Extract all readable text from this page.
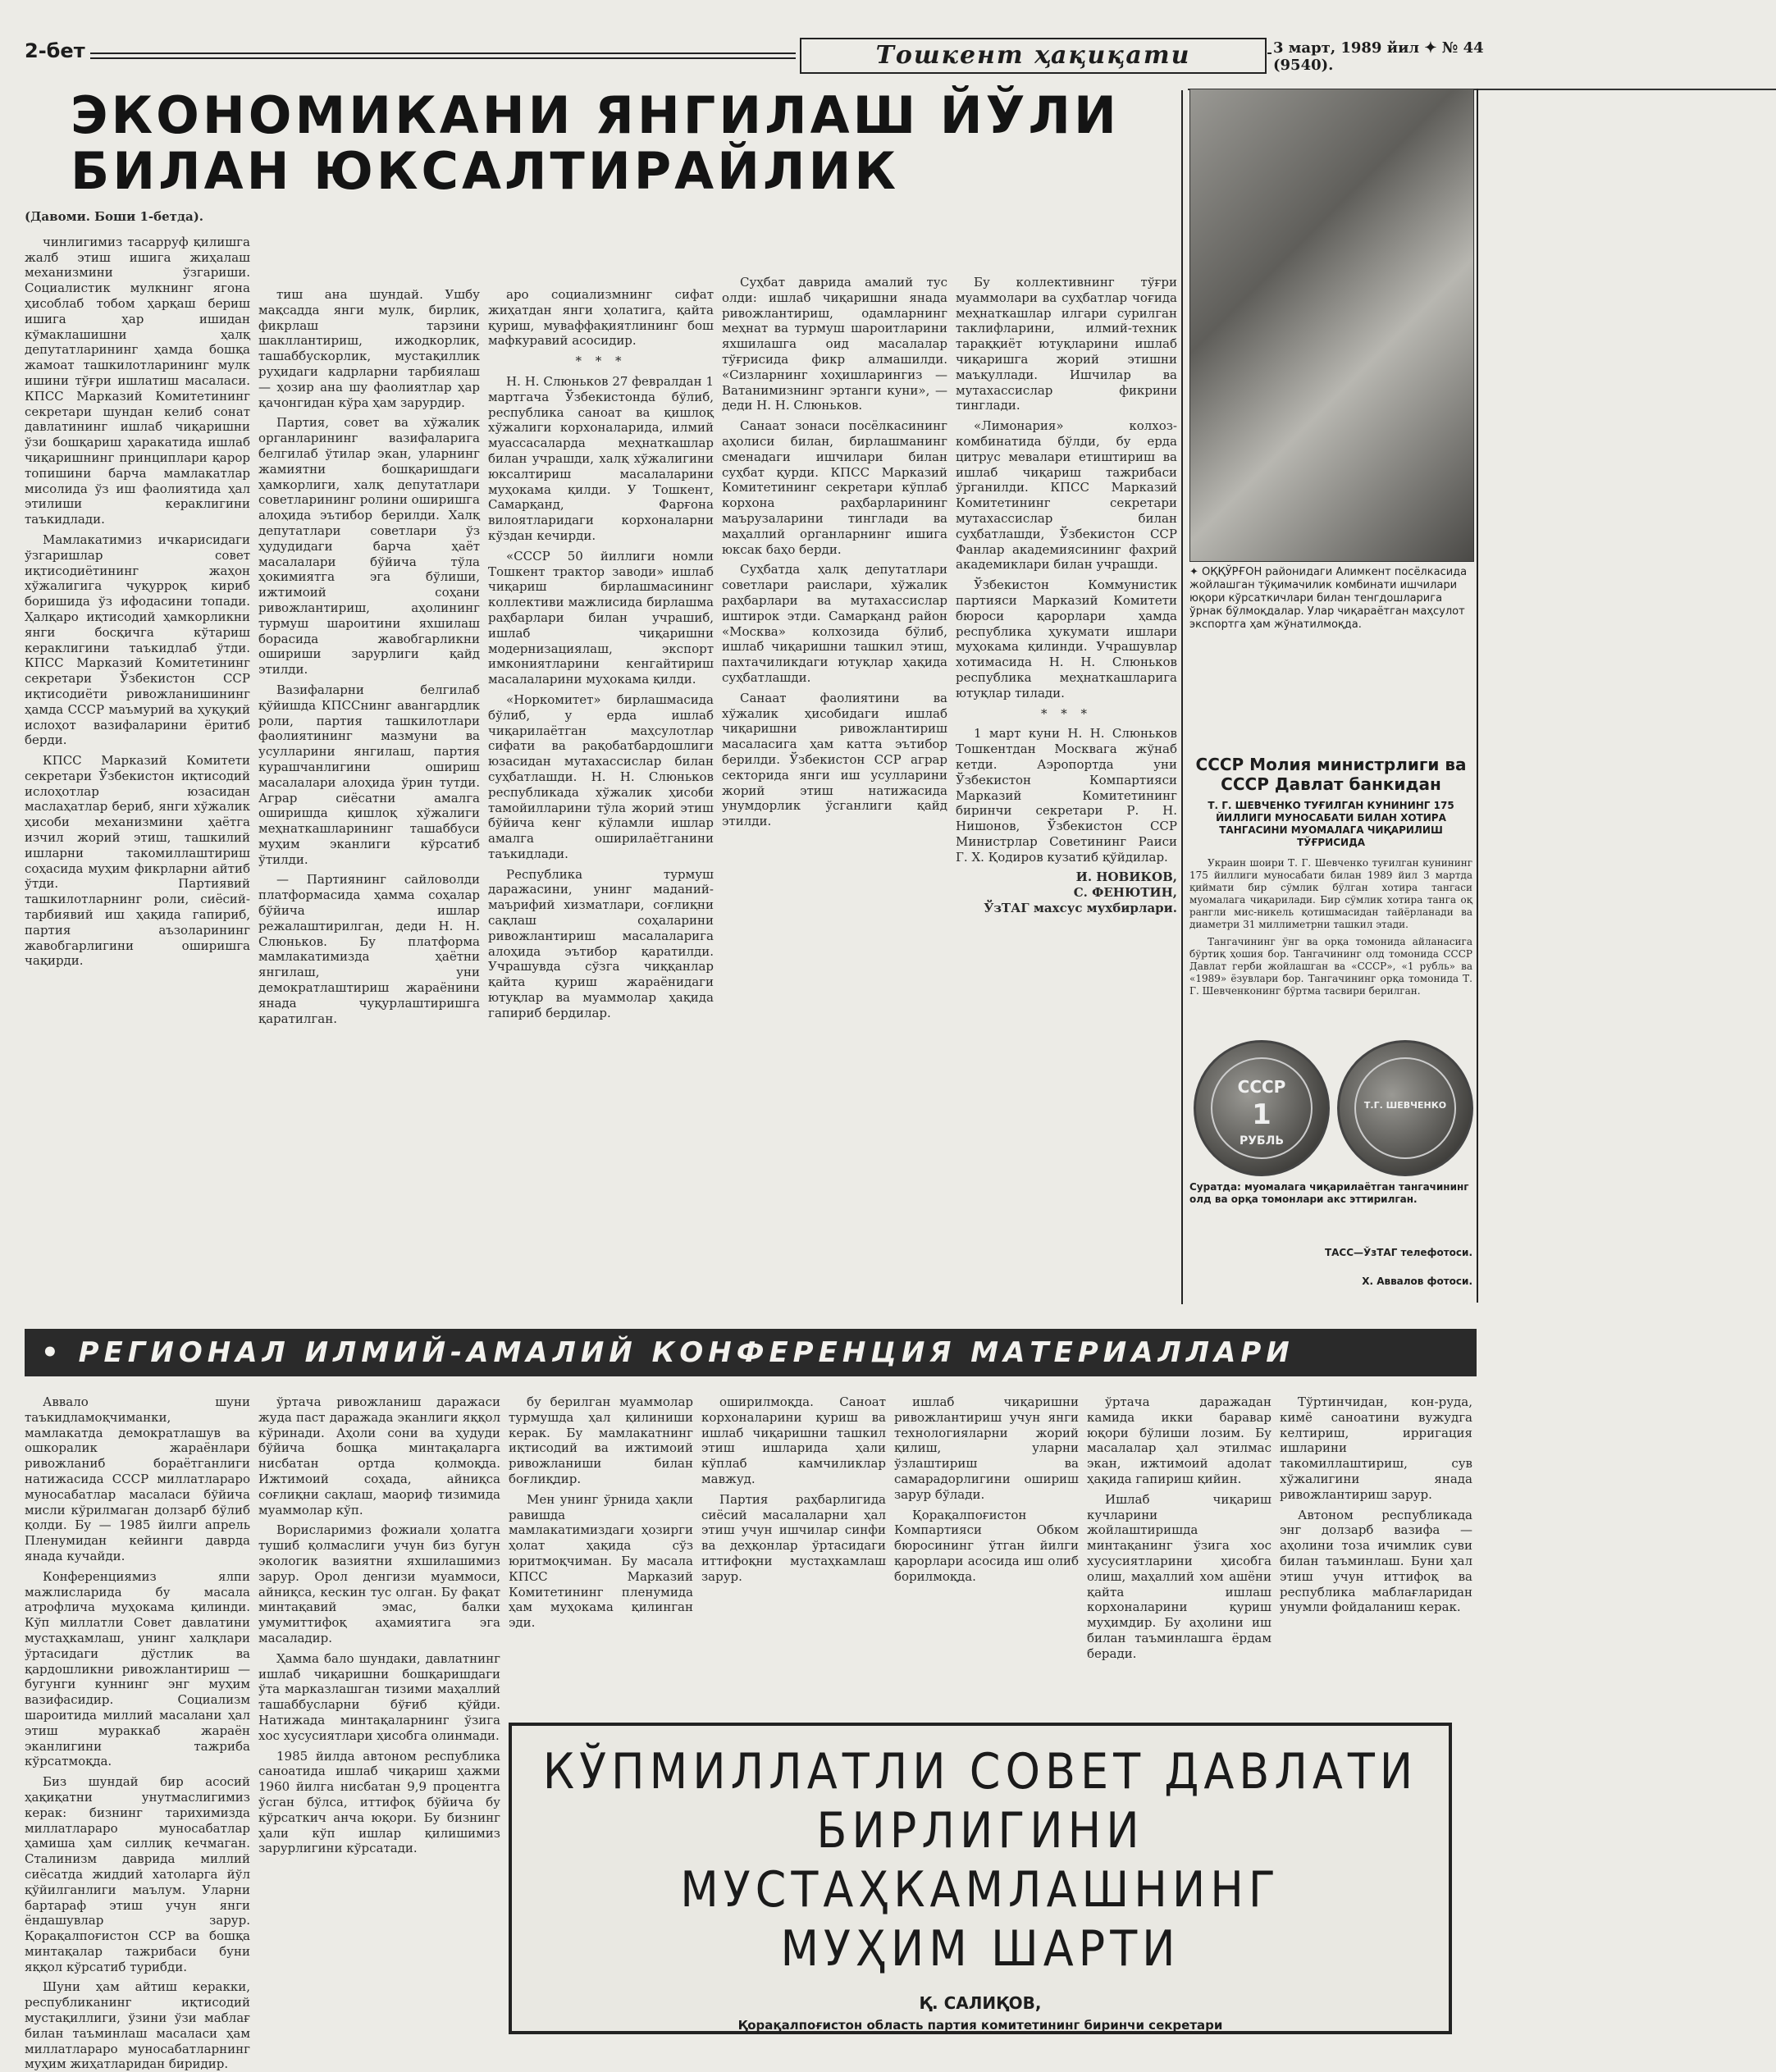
2-бет	Тошкент ҳақиқати	3 март, 1989 йил ✦ № 44 (9540).
ЭКОНОМИКАНИ ЯНГИЛАШ ЙЎЛИ
БИЛАН ЮКСАЛТИРАЙЛИК

(Давоми. Боши 1-бетда).

чинлигимиз тасарруф қилишга жалб этиш ишига жиҳалаш механизмини ўзгариши. Социалистик мулкнинг ягона ҳисоблаб тобом ҳарқаш бериш ишига ҳар ишидан кўмаклашишни ҳалқ депутатларининг ҳамда бошқа жамоат ташкилотларининг мулк ишини тўғри ишлатиш масаласи. КПСС Марказий Комитетининг секретари шундан келиб сонат давлатининг ишлаб чиқаришни ўзи бошқариш ҳаракатида ишлаб чиқаришнинг принциплари қарор топишини барча мамлакатлар мисолида ўз иш фаолиятида ҳал этилиши кераклигини таъкидлади.

Мамлакатимиз ичкарисидаги ўзгаришлар совет иқтисодиётининг жаҳон хўжалигига чуқурроқ кириб боришида ўз ифодасини топади. Ҳалқаро иқтисодий ҳамкорликни янги босқичга кўтариш кераклигини таъкидлаб ўтди. КПСС Марказий Комитетининг секретари Ўзбекистон ССР иқтисодиёти ривожланишининг ҳамда СССР маъмурий ва ҳуқуқий ислоҳот вазифаларини ёритиб берди.

КПСС Марказий Комитети секретари Ўзбекистон иқтисодий ислоҳотлар юзасидан маслаҳатлар бериб, янги хўжалик ҳисоби механизмини ҳаётга изчил жорий этиш, ташкилий ишларни такомиллаштириш соҳасида муҳим фикрларни айтиб ўтди. Партиявий ташкилотларнинг роли, сиёсий-тарбиявий иш ҳақида гапириб, партия аъзоларининг жавобгарлигини оширишга чақирди.

тиш ана шундай. Ушбу мақсадда янги мулк, бирлик, фикрлаш тарзини шакллантириш, ижодкорлик, ташаббускорлик, мустақиллик руҳидаги кадрларни тарбиялаш — ҳозир ана шу фаолиятлар ҳар қачонгидан кўра ҳам зарурдир.

Партия, совет ва хўжалик органларининг вазифаларига белгилаб ўтилар экан, уларнинг жамиятни бошқаришдаги ҳамкорлиги, халқ депутатлари советларининг ролини оширишга алоҳида эътибор берилди. Халқ депутатлари советлари ўз ҳудудидаги барча ҳаёт масалалари бўйича тўла ҳокимиятга эга бўлиши, ижтимоий соҳани ривожлантириш, аҳолининг турмуш шароитини яхшилаш борасида жавобгарликни ошириши зарурлиги қайд этилди.

Вазифаларни белгилаб қўйишда КПССнинг авангардлик роли, партия ташкилотлари фаолиятининг мазмуни ва усулларини янгилаш, партия курашчанлигини ошириш масалалари алоҳида ўрин тутди. Аграр сиёсатни амалга оширишда қишлоқ хўжалиги меҳнаткашларининг ташаббуси муҳим эканлиги кўрсатиб ўтилди.

— Партиянинг сайловолди платформасида ҳамма соҳалар бўйича ишлар режалаштирилган, деди Н. Н. Слюньков. Бу платформа мамлакатимизда ҳаётни янгилаш, уни демократлаштириш жараёнини янада чуқурлаштиришга қаратилган.

аро социализмнинг сифат жиҳатдан янги ҳолатига, қайта қуриш, муваффақиятлининг бош мафкуравий асосидир.

* * *

Н. Н. Слюньков 27 февралдан 1 мартгача Ўзбекистонда бўлиб, республика саноат ва қишлоқ хўжалиги корхоналарида, илмий муассасаларда меҳнаткашлар билан учрашди, халқ хўжалигини юксалтириш масалаларини муҳокама қилди. У Тошкент, Самарқанд, Фарғона вилоятларидаги корхоналарни кўздан кечирди.

«СССР 50 йиллиги номли Тошкент трактор заводи» ишлаб чиқариш бирлашмасининг коллективи мажлисида бирлашма раҳбарлари билан учрашиб, ишлаб чиқаришни модернизациялаш, экспорт имкониятларини кенгайтириш масалаларини муҳокама қилди.

«Норкомитет» бирлашмасида бўлиб, у ерда ишлаб чиқарилаётган маҳсулотлар сифати ва рақобатбардошлиги юзасидан мутахассислар билан суҳбатлашди. Н. Н. Слюньков республикада хўжалик ҳисоби тамойилларини тўла жорий этиш бўйича кенг кўламли ишлар амалга оширилаётганини таъкидлади.

Республика турмуш даражасини, унинг маданий-маърифий хизматлари, соғлиқни сақлаш соҳаларини ривожлантириш масалаларига алоҳида эътибор қаратилди. Учрашувда сўзга чиққанлар қайта қуриш жараёнидаги ютуқлар ва муаммолар ҳақида гапириб бердилар.

Суҳбат даврида амалий тус олди: ишлаб чиқаришни янада ривожлантириш, одамларнинг меҳнат ва турмуш шароитларини яхшилашга оид масалалар тўғрисида фикр алмашилди. «Сизларнинг хоҳишларингиз — Ватанимизнинг эртанги куни», — деди Н. Н. Слюньков.

Санаат зонаси посёлкасининг аҳолиси билан, бирлашманинг сменадаги ишчилари билан суҳбат қурди. КПСС Марказий Комитетининг секретари кўплаб корхона раҳбарларининг маърузаларини тинглади ва маҳаллий органларнинг ишига юксак баҳо берди.

Суҳбатда ҳалқ депутатлари советлари раислари, хўжалик раҳбарлари ва мутахассислар иштирок этди. Самарқанд район «Москва» колхозида бўлиб, ишлаб чиқаришни ташкил этиш, пахтачиликдаги ютуқлар ҳақида суҳбатлашди.

Санаат фаолиятини ва хўжалик ҳисобидаги ишлаб чиқаришни ривожлантириш масаласига ҳам катта эътибор берилди. Ўзбекистон ССР аграр секторида янги иш усулларини жорий этиш натижасида унумдорлик ўсганлиги қайд этилди.

Бу коллективнинг тўғри муаммолари ва суҳбатлар чоғида меҳнаткашлар илгари сурилган таклифларини, илмий-техник тараққиёт ютуқларини ишлаб чиқаришга жорий этишни маъқуллади. Ишчилар ва мутахассислар фикрини тинглади.

«Лимонария» колхоз-комбинатида бўлди, бу ерда цитрус мевалари етиштириш ва ишлаб чиқариш тажрибаси ўрганилди. КПСС Марказий Комитетининг секретари мутахассислар билан суҳбатлашди, Ўзбекистон ССР Фанлар академиясининг фахрий академиклари билан учрашди.

Ўзбекистон Коммунистик партияси Марказий Комитети бюроси қарорлари ҳамда республика ҳукумати ишлари муҳокама қилинди. Учрашувлар хотимасида Н. Н. Слюньков республика меҳнаткашларига ютуқлар тилади.

* * *

1 март куни Н. Н. Слюньков Тошкентдан Москвага жўнаб кетди. Аэропортда уни Ўзбекистон Компартияси Марказий Комитетининг биринчи секретари Р. Н. Нишонов, Ўзбекистон ССР Министрлар Советининг Раиси Г. Х. Қодиров кузатиб қўйдилар.

И. НОВИКОВ,
С. ФЕНЮТИН,
ЎзТАГ махсус мухбирлари.

✦ ОҚҚЎРҒОН районидаги Алимкент посёлкасида жойлашган тўқимачилик комбинати ишчилари юқори кўрсаткичлари билан тенгдошларига ўрнак бўлмоқдалар. Улар чиқараётган маҳсулот экспортга ҳам жўнатилмоқда.
СССР Молия министрлиги ва СССР Давлат банкидан
Т. Г. ШЕВЧЕНКО ТУҒИЛГАН КУНИНИНГ 175 ЙИЛЛИГИ МУНОСАБАТИ БИЛАН ХОТИРА ТАНГАСИНИ МУОМАЛАГА ЧИҚАРИЛИШ ТЎҒРИСИДА

Украин шоири Т. Г. Шевченко туғилган кунининг 175 йиллиги муносабати билан 1989 йил 3 мартда қиймати бир сўмлик бўлган хотира тангаси муомалага чиқарилади. Бир сўмлик хотира танга оқ рангли мис-никель қотишмасидан тайёрланади ва диаметри 31 миллиметрни ташкил этади.

Тангачининг ўнг ва орқа томонида айланасига бўртиқ ҳошия бор. Тангачининг олд томонида СССР Давлат герби жойлашган ва «СССР», «1 рубль» ва «1989» ёзувлари бор. Тангачининг орқа томонида Т. Г. Шевченконинг бўртма тасвири берилган.

СССР
1
РУБЛЬ
Т.Г. ШЕВЧЕНКО
Суратда: муомалага чиқарилаётган тангачининг олд ва орқа томонлари акс эттирилган.
ТАСС—ЎзТАГ телефотоси.
Х. Аввалов фотоси.
• РЕГИОНАЛ ИЛМИЙ-АМАЛИЙ КОНФЕРЕНЦИЯ МАТЕРИАЛЛАРИ

Аввало шуни таъкидламоқчиманки, мамлакатда демократлашув ва ошкоралик жараёнлари ривожланиб бораётганлиги натижасида СССР миллатлараро муносабатлар масаласи бўйича мисли кўрилмаган долзарб бўлиб қолди. Бу — 1985 йилги апрель Пленумидан кейинги даврда янада кучайди.

Конференциямиз ялпи мажлисларида бу масала атрофлича муҳокама қилинди. Кўп миллатли Совет давлатини мустаҳкамлаш, унинг халқлари ўртасидаги дўстлик ва қардошликни ривожлантириш — бугунги куннинг энг муҳим вазифасидир. Социализм шароитида миллий масалани ҳал этиш мураккаб жараён эканлигини тажриба кўрсатмоқда.

Биз шундай бир асосий ҳақиқатни унутмаслигимиз керак: бизнинг тарихимизда миллатлараро муносабатлар ҳамиша ҳам силлиқ кечмаган. Сталинизм даврида миллий сиёсатда жиддий хатоларга йўл қўйилганлиги маълум. Уларни бартараф этиш учун янги ёндашувлар зарур. Қорақалпоғистон ССР ва бошқа минтақалар тажрибаси буни яққол кўрсатиб турибди.

Шуни ҳам айтиш керакки, республиканинг иқтисодий мустақиллиги, ўзини ўзи маблағ билан таъминлаш масаласи ҳам миллатлараро муносабатларнинг муҳим жиҳатларидан биридир.

ўртача ривожланиш даражаси жуда паст даражада эканлиги яққол кўринади. Аҳоли сони ва ҳудуди бўйича бошқа минтақаларга нисбатан ортда қолмоқда. Ижтимоий соҳада, айниқса соғлиқни сақлаш, маориф тизимида муаммолар кўп.

Ворисларимиз фожиали ҳолатга тушиб қолмаслиги учун биз бугун экологик вазиятни яхшилашимиз зарур. Орол денгизи муаммоси, айниқса, кескин тус олган. Бу фақат минтақавий эмас, балки умумиттифоқ аҳамиятига эга масаладир.

Ҳамма бало шундаки, давлатнинг ишлаб чиқаришни бошқаришдаги ўта марказлашган тизими маҳаллий ташаббусларни бўғиб қўйди. Натижада минтақаларнинг ўзига хос хусусиятлари ҳисобга олинмади.

1985 йилда автоном республика саноатида ишлаб чиқариш ҳажми 1960 йилга нисбатан 9,9 процентга ўсган бўлса, иттифоқ бўйича бу кўрсаткич анча юқори. Бу бизнинг ҳали кўп ишлар қилишимиз зарурлигини кўрсатади.

бу берилган муаммолар турмушда ҳал қилиниши керак. Бу мамлакатнинг иқтисодий ва ижтимоий ривожланиши билан боғлиқдир.

Мен унинг ўрнида ҳақли равишда мамлакатимиздаги ҳозирги ҳолат ҳақида сўз юритмоқчиман. Бу масала КПСС Марказий Комитетининг пленумида ҳам муҳокама қилинган эди.

оширилмоқда. Саноат корхоналарини қуриш ва ишлаб чиқаришни ташкил этиш ишларида ҳали кўплаб камчиликлар мавжуд.

Партия раҳбарлигида сиёсий масалаларни ҳал этиш учун ишчилар синфи ва деҳқонлар ўртасидаги иттифоқни мустаҳкамлаш зарур.

ишлаб чиқаришни ривожлантириш учун янги технологияларни жорий қилиш, уларни ўзлаштириш ва самарадорлигини ошириш зарур бўлади.

Қорақалпоғистон Компартияси Обком бюросининг ўтган йилги қарорлари асосида иш олиб борилмоқда.

ўртача даражадан камида икки баравар юқори бўлиши лозим. Бу масалалар ҳал этилмас экан, ижтимоий адолат ҳақида гапириш қийин.

Ишлаб чиқариш кучларини жойлаштиришда минтақанинг ўзига хос хусусиятларини ҳисобга олиш, маҳаллий хом ашёни қайта ишлаш корхоналарини қуриш муҳимдир. Бу аҳолини иш билан таъминлашга ёрдам беради.

Тўртинчидан, кон-руда, кимё саноатини вужудга келтириш, ирригация ишларини такомиллаштириш, сув хўжалигини янада ривожлантириш зарур.

Автоном республикада энг долзарб вазифа — аҳолини тоза ичимлик суви билан таъминлаш. Буни ҳал этиш учун иттифоқ ва республика маблағларидан унумли фойдаланиш керак.

КЎПМИЛЛАТЛИ СОВЕТ ДАВЛАТИ
БИРЛИГИНИ МУСТАҲКАМЛАШНИНГ
МУҲИМ ШАРТИ
Қ. САЛИҚОВ,
Қорақалпоғистон область партия комитетининг биринчи секретари
